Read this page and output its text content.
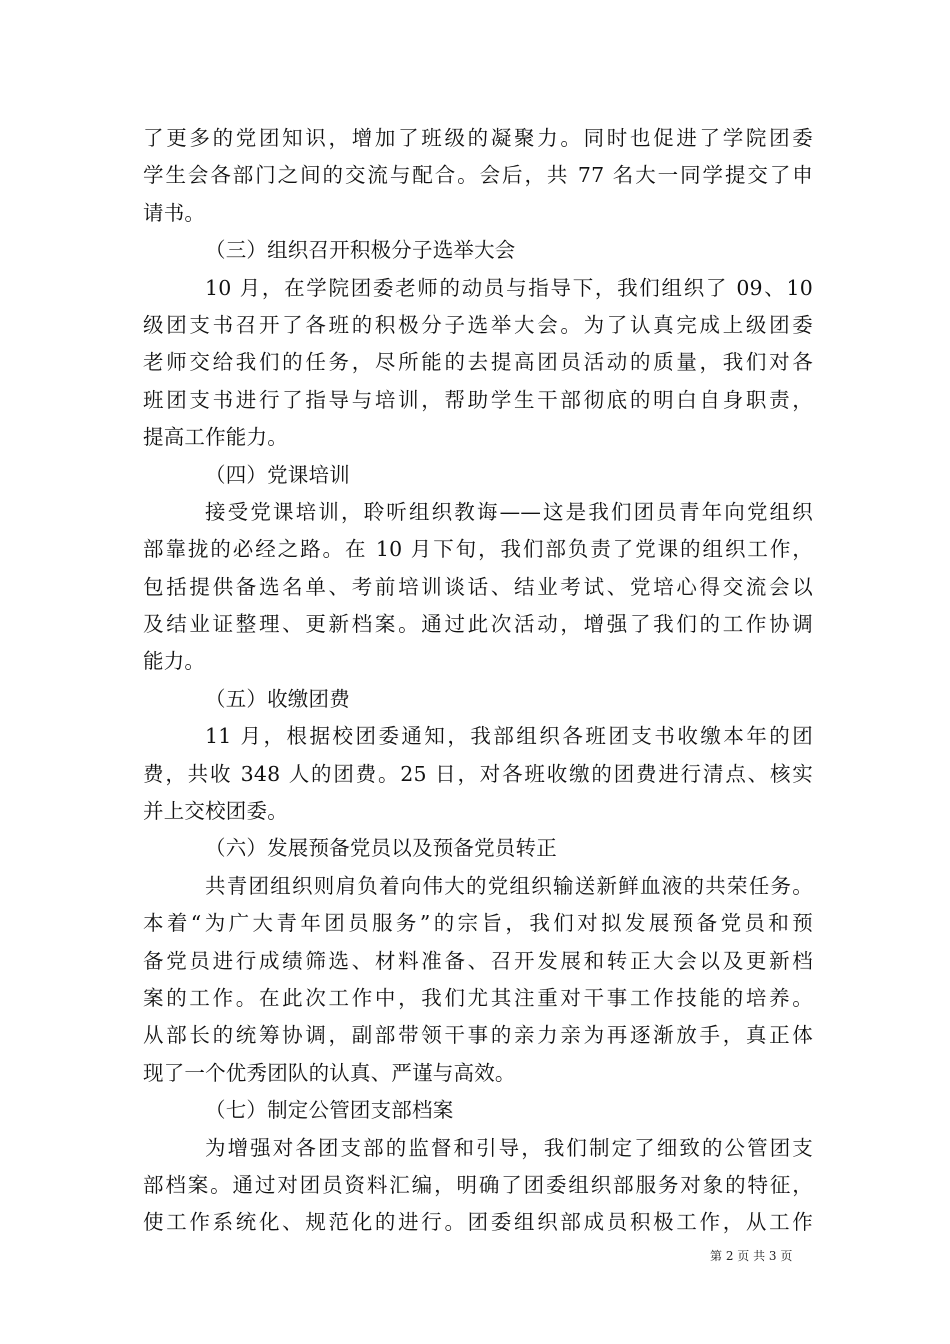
了更多的党团知识，增加了班级的凝聚力。同时也促进了学院团委
学生会各部门之间的交流与配合。会后，共 77 名大一同学提交了申
请书。
（三）组织召开积极分子选举大会
10 月，在学院团委老师的动员与指导下，我们组织了 09、10
级团支书召开了各班的积极分子选举大会。为了认真完成上级团委
老师交给我们的任务，尽所能的去提高团员活动的质量，我们对各
班团支书进行了指导与培训，帮助学生干部彻底的明白自身职责，
提高工作能力。
（四）党课培训
接受党课培训，聆听组织教诲——这是我们团员青年向党组织
部靠拢的必经之路。在 10 月下旬，我们部负责了党课的组织工作，
包括提供备选名单、考前培训谈话、结业考试、党培心得交流会以
及结业证整理、更新档案。通过此次活动，增强了我们的工作协调
能力。
（五）收缴团费
11 月，根据校团委通知，我部组织各班团支书收缴本年的团
费，共收 348 人的团费。25 日，对各班收缴的团费进行清点、核实
并上交校团委。
（六）发展预备党员以及预备党员转正
共青团组织则肩负着向伟大的党组织输送新鲜血液的共荣任务。
本着“为广大青年团员服务”的宗旨，我们对拟发展预备党员和预
备党员进行成绩筛选、材料准备、召开发展和转正大会以及更新档
案的工作。在此次工作中，我们尤其注重对干事工作技能的培养。
从部长的统筹协调，副部带领干事的亲力亲为再逐渐放手，真正体
现了一个优秀团队的认真、严谨与高效。
（七）制定公管团支部档案
为增强对各团支部的监督和引导，我们制定了细致的公管团支
部档案。通过对团员资料汇编，明确了团委组织部服务对象的特征，
使工作系统化、规范化的进行。团委组织部成员积极工作，从工作
第 2 页 共 3 页
